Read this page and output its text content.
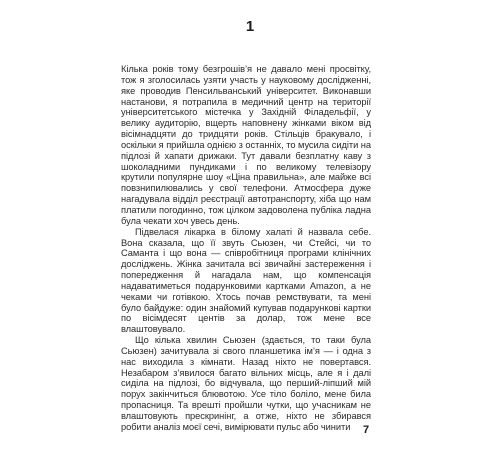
1

Кілька років тому безгрошів’я не давало мені просвітку, тож я зголосилась узяти участь у науковому дослідженні, яке проводив Пенсильванський університет. Виконавши настанови, я потрапила в медичний центр на території університетського містечка у Західній Філадельфії, у велику аудиторію, вщерть наповнену жінками віком від вісімнадцяти до тридцяти років. Стільців бракувало, і оскільки я прийшла однією з останніх, то мусила сидіти на підлозі й хапати дрижаки. Тут давали безплатну каву з шоколадними пундиками і по великому телевізору крутили популярне шоу «Ціна правильна», але майже всі повзнипилювались у свої телефони. Атмосфера дуже нагадувала відділ реєстрації автотранспорту, хіба що нам платили погодинно, тож цілком задоволена публіка ладна була чекати хоч увесь день.

Підвелася лікарка в білому халаті й назвала себе. Вона сказала, що її звуть Сьюзен, чи Стейсі, чи то Саманта і що вона — співробітниця програми клінічних досліджень. Жінка зачитала всі звичайні застереження і попередження й нагадала нам, що компенсація надаватиметься подарунковими картками Amazon, а не чеками чи готівкою. Хтось почав ремствувати, та мені було байдуже: один знайомий купував подарункові картки по вісімдесят центів за долар, тож мене все влаштовувало.

Що кілька хвилин Сьюзен (здається, то таки була Сьюзен) зачитувала зі свого планшетика ім’я — і одна з нас виходила з кімнати. Назад ніхто не повертався. Незабаром з’явилося багато вільних місць, але я і далі сиділа на підлозі, бо відчувала, що перший-ліпший мій порух закінчиться блювотою. Усе тіло боліло, мене била пропасниця. Та врешті пройшли чутки, що учасникам не влаштовують прескринінг, а отже, ніхто не збирався робити аналіз моєї сечі, вимірювати пульс або чинити	7
